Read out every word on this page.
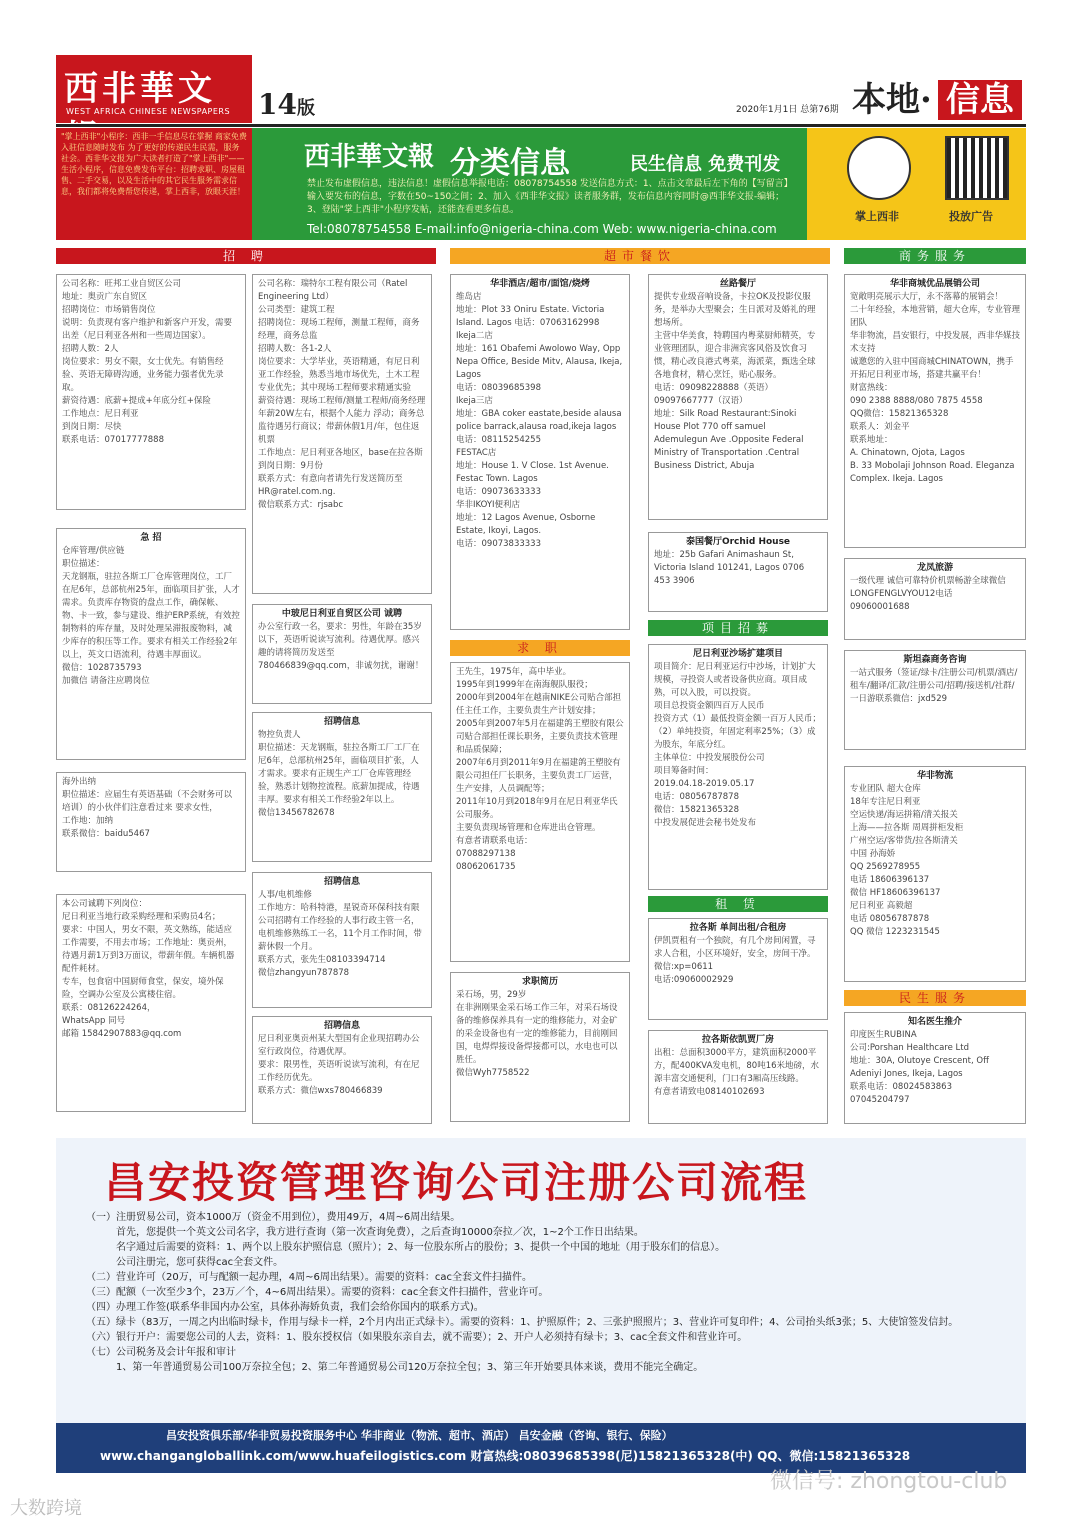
西非華文
WEST AFRICA CHINESE NEWSPAPERS 14版	2020年1月1日 总第76期 本地· 信息

"掌上西非"小程序：西非一手信息尽在掌握 商家免费入驻信息随时发布 为了更好的传递民生民需，服务社会。西非华文报为广大读者打造了"掌上西非"——生活小程序，信息免费发布平台：招聘求职、房屋租售、二手交易，以及生活中的其它民生服务需求信息，我们都将免费帮您传递，掌上西非，放眼天涯！

西非華文報 分类信息	民生信息 免费刊发
禁止发布虚假信息，违法信息！虚假信息举报电话：08078754558 发送信息方式：1、点击文章最后左下角的【写留言】输入要发布的信息，字数在50~150之间；2、加入《西非华文报》读者服务群，发布信息内容同时@西非华文报-编辑；3、登陆"掌上西非"小程序发帖，还能查看更多信息。
Tel:08078754558 E-mail:info@nigeria-china.com Web: www.nigeria-china.com
掌上西非	投放广告
招 聘
公司名称：旺邦工业自贸区公司
地址：奥贡广东自贸区
招聘岗位：市场销售岗位
说明：负责现有客户维护和新客户开发，需要出差（尼日利亚各州和一些周边国家）。
招聘人数：2人
岗位要求：男女不限，女士优先。有销售经验、英语无障碍沟通，业务能力强者优先录取。
薪资待遇：底薪+提成+年底分红+保险
工作地点：尼日利亚
到岗日期：尽快
联系电话：07017777888
急 招
仓库管理/供应链
职位描述：
天龙钢瓶，驻拉各斯工厂仓库管理岗位，工厂在尼6年，总部杭州25年，面临项目扩张，人才需求。负责库存物资的盘点工作，确保帐、物、卡一致，参与建设、维护ERP系统，有效控制物料的库存量，及时处理呆滞报废物料，减少库存的积压等工作。要求有相关工作经验2年以上，英文口语流利，待遇丰厚面议。
微信：1028735793
加微信 请备注应聘岗位
海外出纳
职位描述：应届生有英语基础（不会财务可以培训）的小伙伴们注意看过来 要求女性，
工作地：加纳
联系微信：baidu5467
本公司诚聘下列岗位：
尼日利亚当地行政采购经理和采购员4名；
要求：中国人，男女不限，英文熟练，能适应工作需要，不用去市场；工作地址：奥贡州，待遇月薪1万到3万面议，带薪年假。车辆机器配件耗材。
专车，包食宿中国厨师食堂，保安，境外保险，空调办公室及公寓楼住宿。
联系：08126224264，
WhatsApp 同号
邮箱 15842907883@qq.com
公司名称：瑞特尔工程有限公司（Ratel Engineering Ltd）
公司类型：建筑工程
招聘岗位：现场工程师，测量工程师，商务经理，商务总监
招聘人数：各1-2人
岗位要求：大学毕业，英语精通，有尼日利亚工作经验，熟悉当地市场优先，土木工程专业优先；其中现场工程师要求精通实验
薪资待遇：现场工程师/测量工程师/商务经理年薪20W左右，根据个人能力 浮动；商务总监待遇另行商议；带薪休假1月/年，包住返机票
工作地点：尼日利亚各地区，base在拉各斯
到岗日期：9月份
联系方式：有意向者请先行发送简历至HR@ratel.com.ng.
微信联系方式：rjsabc
中玻尼日利亚自贸区公司 诚聘
办公室行政一名，要求：男性，年龄在35岁以下，英语听说读写流利。待遇优厚。感兴趣的请将简历发送至780466839@qq.com，非诚勿扰，谢谢！
招聘信息
物控负责人
职位描述：天龙钢瓶，驻拉各斯工厂工厂在尼6年，总部杭州25年，面临项目扩张，人才需求。要求有正规生产工厂仓库管理经验，熟悉计划物控流程。底薪加提成，待遇丰厚。要求有相关工作经验2年以上。
微信13456782678
招聘信息
人事/电机维修
工作地方：哈科特港，星锐奇环保科技有限公司招聘有工作经验的人事行政主管一名，电机维修熟练工一名，11个月工作时间，带薪休假一个月。
联系方式，张先生08103394714
微信zhangyun787878
招聘信息
尼日利亚奥贡州某大型国有企业现招聘办公室行政岗位，待遇优厚。
要求：限男性，英语听说读写流利，有在尼工作经历优先。
联系方式：微信wxs780466839
超市餐饮
华非酒店/超市/面馆/烧烤
维岛店
地址：Plot 33 Oniru Estate. Victoria Island. Lagos 电话：07063162998
Ikeja二店
地址：161 Obafemi Awolowo Way, Opp Nepa Office, Beside Mitv, Alausa, Ikeja, Lagos
电话：08039685398
Ikeja三店
地址：GBA coker eastate,beside alausa police barrack,alausa road,ikeja lagos
电话：08115254255
FESTAC店
地址：House 1. V Close. 1st Avenue. Festac Town. Lagos
电话：09073633333
华非IKOYI便利店
地址：12 Lagos Avenue, Osborne Estate, Ikoyi, Lagos.
电话：09073833333
求 职
王先生，1975年，高中毕业。
1995年到1999年在南海舰队服役；
2000年到2004年在越南NIKE公司贴合部担任主任工作，主要负责生产计划安排；
2005年到2007年5月在福建鸽王塑胶有限公司贴合部担任课长职务，主要负责技术管理和品质保障；
2007年6月到2011年9月在福建鸽王塑胶有限公司担任厂长职务，主要负责工厂运营，生产安排，人员调配等；
2011年10月到2018年9月在尼日利亚华氏公司服务。
主要负责现场管理和仓库进出仓管理。
有意者请联系电话：
07088297138
08062061735
求职简历
采石场，男，29岁
在非洲刚果金采石场工作三年，对采石场设备的维修保养具有一定的维修能力，对金矿的采金设备也有一定的维修能力，目前刚回国，电焊焊接设备焊接都可以，水电也可以胜任。
微信Wyh7758522
丝路餐厅
提供专业级音响设备，卡拉OK及投影仪服务，是举办大型聚会；生日派对及婚礼的理想场所。
主营中华美食，特聘国内粤菜厨师精英，专业管理团队，迎合非洲宾客风俗及饮食习惯，精心改良港式粤菜，海派菜，甄选全球各地食材，精心烹饪，贴心服务。
电话：09098228888（英语）09097667777（汉语）
地址：Silk Road Restaurant:Sinoki House Plot 770 off samuel Ademulegun Ave .Opposite Federal Ministry of Transportation .Central Business District, Abuja
泰国餐厅Orchid House
地址：25b Gafari Animashaun St, Victoria Island 101241, Lagos 0706 453 3906
项目招募
尼日利亚沙场扩建项目
项目简介：尼日利亚运行中沙场，计划扩大规模，寻投资人或者设备供应商。项目成熟，可以入股，可以投资。
项目总投资金额四百万人民币
投资方式（1）最低投资金额一百万人民币；（2）单纯投资，年固定利率25%；（3）成为股东，年底分红。
主体单位：中投发展股份公司
项目筹备时间：
2019.04.18-2019.05.17
电话：08056787878
微信：15821365328
中投发展促进会秘书处发布
租 赁
拉各斯 单间出租/合租房
伊凯贾租有一个独院，有几个房间闲置，寻求人合租，小区环境好，安全，房间干净。
微信:xp=0611
电话:09060002929
拉各斯依凯贾厂房
出租：总面积3000平方，建筑面积2000平方，配400KVA发电机，80吨16米地磅，水源丰富交通便利，门口有3厢高压线路。
有意者请致电08140102693
商务服务
华非商城优品展销公司
宽敞明亮展示大厅，永不落幕的展销会！
二十年经验，本地营销，超大仓库，专业管理团队
华非物流，昌安银行，中投发展，西非华媒技术支持
诚邀您的入驻中国商城CHINATOWN，携手开拓尼日利亚市场，搭建共赢平台！
财富热线：
090 2388 8888/080 7875 4558
QQ微信：15821365328
联系人：刘金平
联系地址：
A. Chinatown, Ojota, Lagos
B. 33 Mobolaji Johnson Road. Eleganza Complex. Ikeja. Lagos
龙凤旅游
一级代理 诚信可靠特价机票畅游全球微信
LONGFENGLVYOU12电话
09060001688
斯坦森商务咨询
一站式服务（签证/绿卡/注册公司/机票/酒店/租车/翻译/汇款/注册公司/招聘/接送机/社群/一日游联系微信：jxd529
华非物流
专业团队 超大仓库
18年专注尼日利亚
空运快递/海运拼箱/清关报关
上海——拉各斯 周周拼柜发柜
广州空运/客带货/拉各斯清关
中国 孙海娇
QQ 2569278955
电话 18606396137
微信 HF18606396137
尼日利亚 高毅超
电话 08056787878
QQ 微信 1223231545
民生服务
知名医生推介
印度医生RUBINA
公司:Porshan Healthcare Ltd
地址：30A, Olutoye Crescent, Off Adeniyi Jones, Ikeja, Lagos
联系电话：08024583863
07045204797
昌安投资管理咨询公司注册公司流程
（一）注册贸易公司，资本1000万（资金不用到位），费用49万，4周~6周出结果。
首先，您提供一个英文公司名字，我方进行查询（第一次查询免费），之后查询10000奈拉／次，1~2个工作日出结果。
名字通过后需要的资料：1、两个以上股东护照信息（照片）；2、每一位股东所占的股份；3、提供一个中国的地址（用于股东们的信息）。
公司注册完，您可获得cac全套文件。
（二）营业许可（20万，可与配额一起办理，4周~6周出结果）。需要的资料：cac全套文件扫描件。
（三）配额（一次至少3个，23万／个，4~6周出结果）。需要的资料：cac全套文件扫描件，营业许可。
（四）办理工作签(联系华非国内办公室，具体孙海娇负责，我们会给你国内的联系方式)。
（五）绿卡（83万，一周之内出临时绿卡，作用与绿卡一样，2个月内出正式绿卡）。需要的资料：1、护照原件；2、三张护照照片；3、营业许可复印件；4、公司抬头纸3张；5、大使馆签发信封。
（六）银行开户：需要您公司的人去，资料：1、股东授权信（如果股东亲自去，就不需要）；2、开户人必须持有绿卡；3、cac全套文件和营业许可。
（七）公司税务及会计年报和审计
1、第一年普通贸易公司100万奈拉全包；2、第二年普通贸易公司120万奈拉全包；3、第三年开始要具体来谈，费用不能完全确定。
昌安投资俱乐部/华非贸易投资服务中心 华非商业（物流、超市、酒店） 昌安金融（咨询、银行、保险）
www.changangloballink.com/www.huafeilogistics.com 财富热线:08039685398(尼)15821365328(中) QQ、微信:15821365328
微信号: zhongtou-club
大数跨境
